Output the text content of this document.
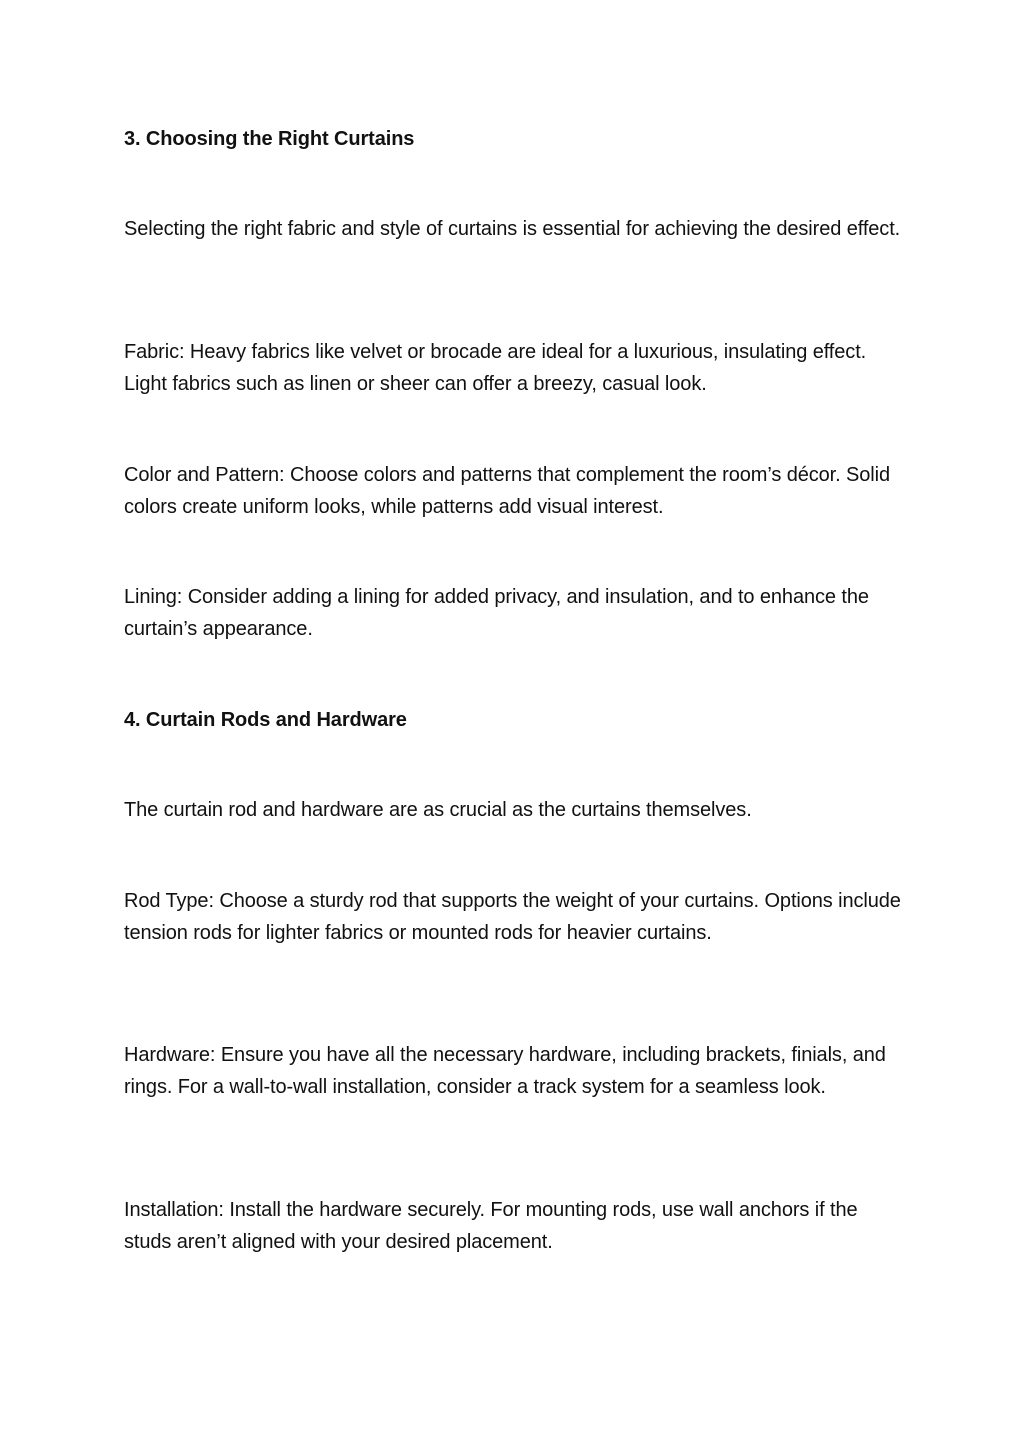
3. Choosing the Right Curtains

Selecting the right fabric and style of curtains is essential for achieving the desired effect.

Fabric: Heavy fabrics like velvet or brocade are ideal for a luxurious, insulating effect. Light fabrics such as linen or sheer can offer a breezy, casual look.

Color and Pattern: Choose colors and patterns that complement the room’s décor. Solid colors create uniform looks, while patterns add visual interest.

Lining: Consider adding a lining for added privacy, and insulation, and to enhance the curtain’s appearance.

4. Curtain Rods and Hardware

The curtain rod and hardware are as crucial as the curtains themselves.

Rod Type: Choose a sturdy rod that supports the weight of your curtains. Options include tension rods for lighter fabrics or mounted rods for heavier curtains.

Hardware: Ensure you have all the necessary hardware, including brackets, finials, and rings. For a wall-to-wall installation, consider a track system for a seamless look.

Installation: Install the hardware securely. For mounting rods, use wall anchors if the studs aren’t aligned with your desired placement.
